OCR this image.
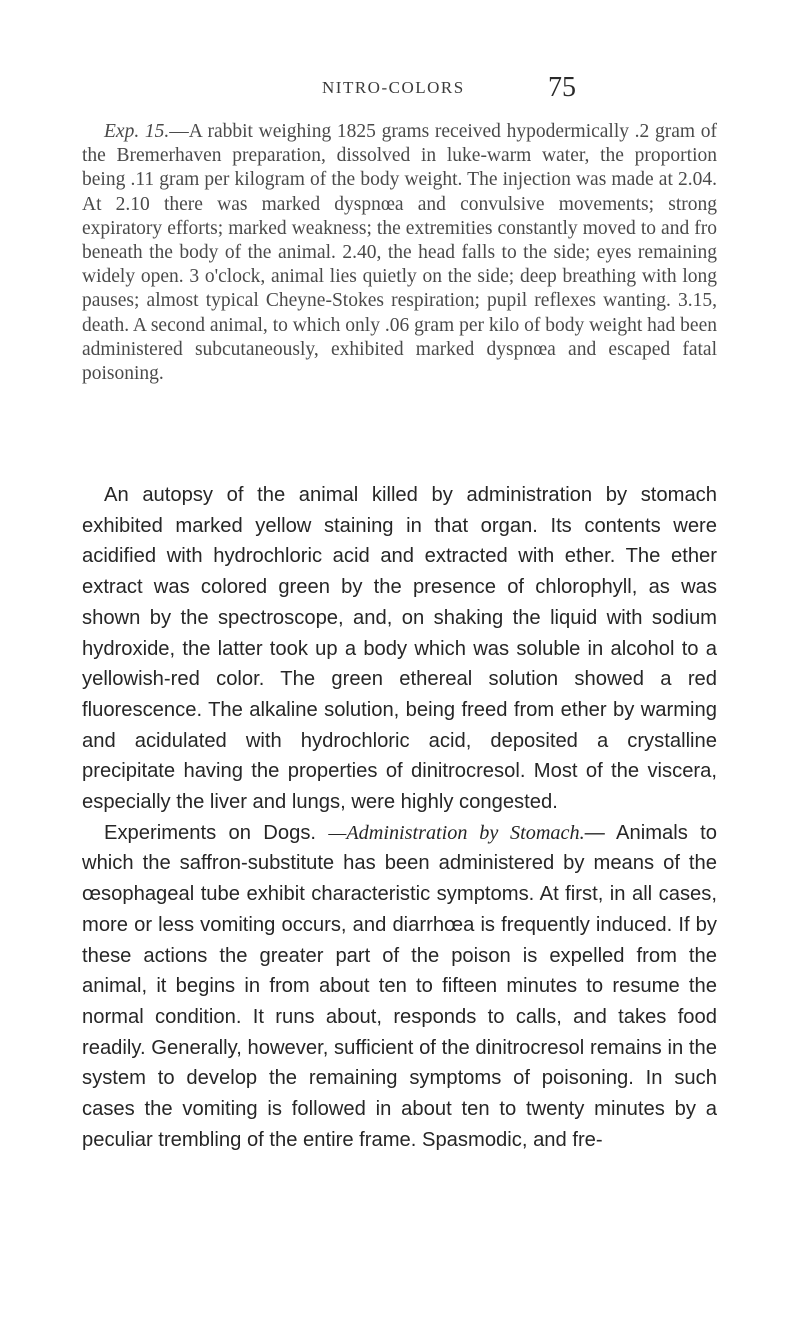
NITRO-COLORS	75

Exp. 15.—A rabbit weighing 1825 grams received hypodermically .2 gram of the Bremerhaven preparation, dissolved in luke-warm water, the proportion being .11 gram per kilogram of the body weight. The injection was made at 2.04. At 2.10 there was marked dyspnœa and convulsive movements; strong expiratory efforts; marked weakness; the extremities constantly moved to and fro beneath the body of the animal. 2.40, the head falls to the side; eyes remaining widely open. 3 o'clock, animal lies quietly on the side; deep breathing with long pauses; almost typical Cheyne-Stokes respiration; pupil reflexes wanting. 3.15, death. A second animal, to which only .06 gram per kilo of body weight had been administered subcutaneously, exhibited marked dyspnœa and escaped fatal poisoning.

An autopsy of the animal killed by administration by stomach exhibited marked yellow staining in that organ. Its contents were acidified with hydrochloric acid and extracted with ether. The ether extract was colored green by the presence of chlorophyll, as was shown by the spectroscope, and, on shaking the liquid with sodium hydroxide, the latter took up a body which was soluble in alcohol to a yellowish-red color. The green ethereal solution showed a red fluorescence. The alkaline solution, being freed from ether by warming and acidulated with hydrochloric acid, deposited a crystalline precipitate having the properties of dinitrocresol. Most of the viscera, especially the liver and lungs, were highly congested.

Experiments on Dogs. —Administration by Stomach.— Animals to which the saffron-substitute has been administered by means of the œsophageal tube exhibit characteristic symptoms. At first, in all cases, more or less vomiting occurs, and diarrhœa is frequently induced. If by these actions the greater part of the poison is expelled from the animal, it begins in from about ten to fifteen minutes to resume the normal condition. It runs about, responds to calls, and takes food readily. Generally, however, sufficient of the dinitrocresol remains in the system to develop the remaining symptoms of poisoning. In such cases the vomiting is followed in about ten to twenty minutes by a peculiar trembling of the entire frame. Spasmodic, and fre-
